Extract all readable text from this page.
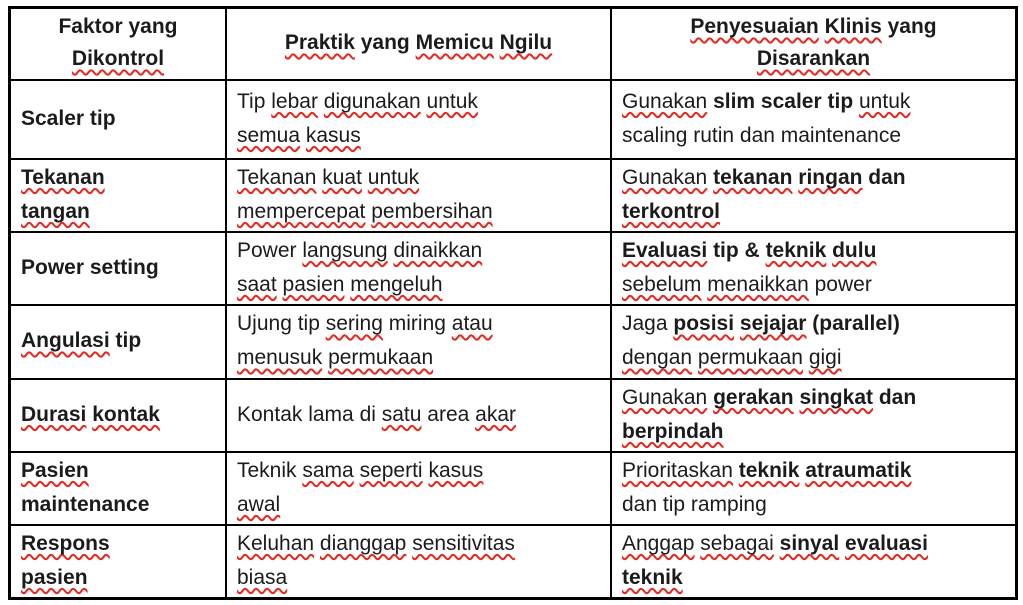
Faktor yang
Dikontrol
Praktik yang Memicu Ngilu
Penyesuaian Klinis yang
Disarankan
Scaler tip
Tip lebar digunakan untuk
semua kasus
Gunakan slim scaler tip untuk
scaling rutin dan maintenance
Tekanan
tangan
Tekanan kuat untuk
mempercepat pembersihan
Gunakan tekanan ringan dan
terkontrol
Power setting
Power langsung dinaikkan
saat pasien mengeluh
Evaluasi tip & teknik dulu
sebelum menaikkan power
Angulasi tip
Ujung tip sering miring atau
menusuk permukaan
Jaga posisi sejajar (parallel)
dengan permukaan gigi
Durasi kontak	Kontak lama di satu area akar
Gunakan gerakan singkat dan
berpindah
Pasien
maintenance
Teknik sama seperti kasus
awal
Prioritaskan teknik atraumatik
dan tip ramping
Respons
pasien
Keluhan dianggap sensitivitas
biasa
Anggap sebagai sinyal evaluasi
teknik
